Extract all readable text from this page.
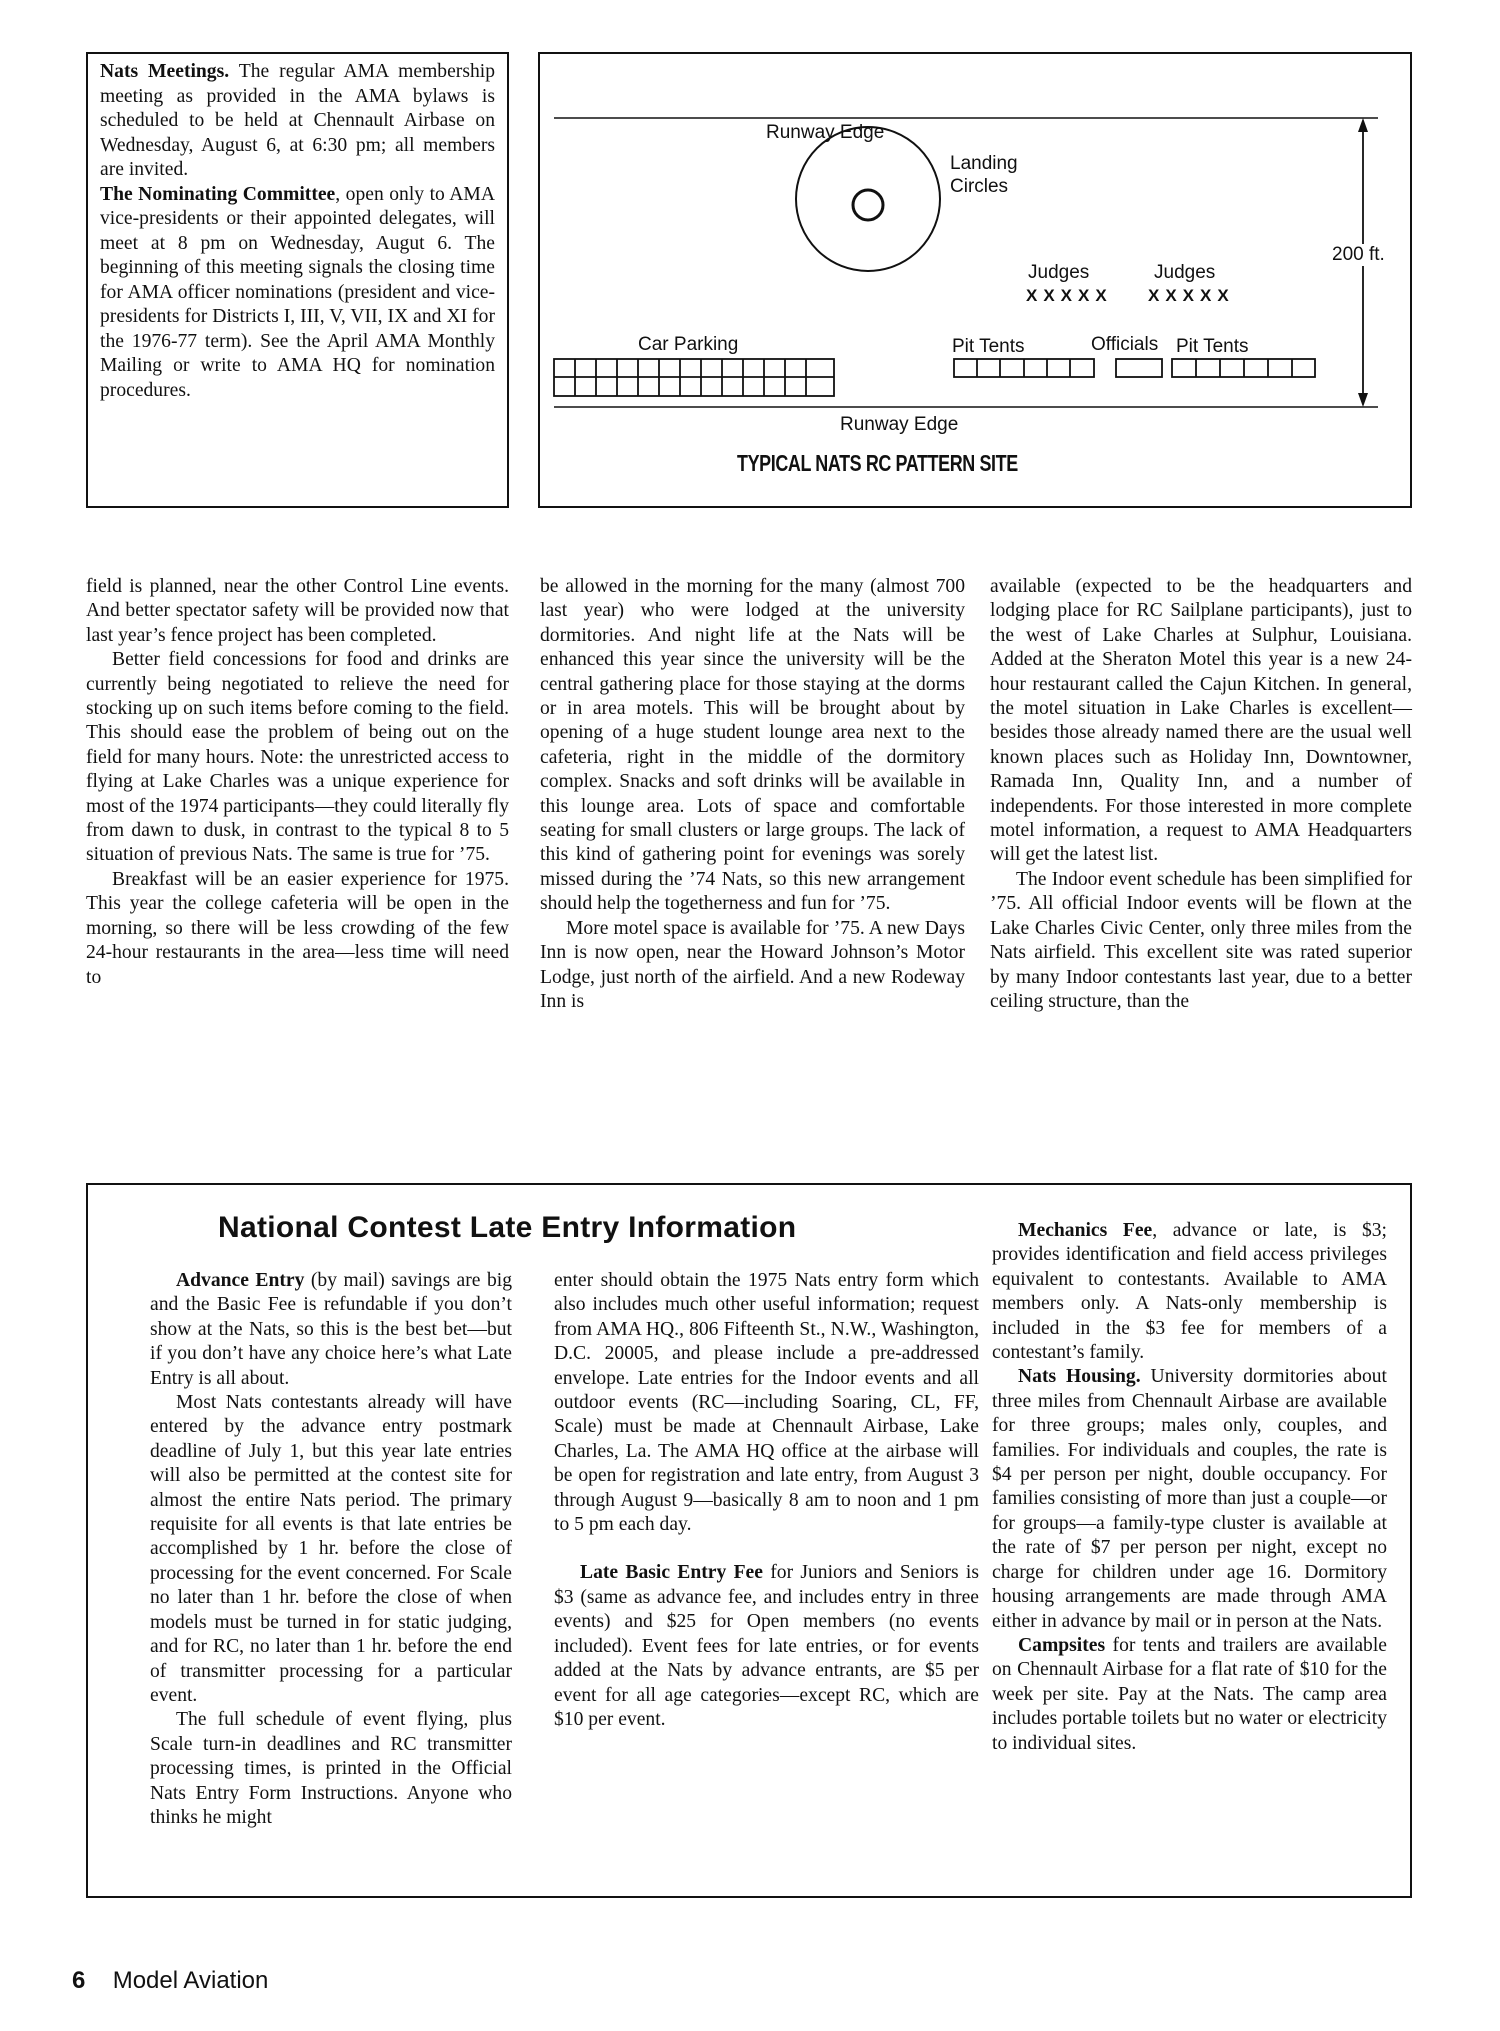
Nats Meetings. The regular AMA membership meeting as provided in the AMA bylaws is scheduled to be held at Chennault Airbase on Wednesday, August 6, at 6:30 pm; all members are invited.

The Nominating Committee, open only to AMA vice-presidents or their appointed delegates, will meet at 8 pm on Wednesday, Augut 6. The beginning of this meeting signals the closing time for AMA officer nominations (president and vice-presidents for Districts I, III, V, VII, IX and XI for the 1976-77 term). See the April AMA Monthly Mailing or write to AMA HQ for nomination procedures.

Runway Edge
Landing
Circles
Judges	Judges
XXXXX XXXXX
200 ft.
Car Parking	Pit Tents	Officials Pit Tents
Runway Edge
TYPICAL NATS RC PATTERN SITE

field is planned, near the other Control Line events. And better spectator safety will be provided now that last year’s fence project has been completed.

Better field concessions for food and drinks are currently being negotiated to relieve the need for stocking up on such items before coming to the field. This should ease the problem of being out on the field for many hours. Note: the unrestricted access to flying at Lake Charles was a unique experience for most of the 1974 participants—they could literally fly from dawn to dusk, in contrast to the typical 8 to 5 situation of previous Nats. The same is true for ’75.

Breakfast will be an easier experience for 1975. This year the college cafeteria will be open in the morning, so there will be less crowding of the few 24-hour restaurants in the area—less time will need to

be allowed in the morning for the many (almost 700 last year) who were lodged at the university dormitories. And night life at the Nats will be enhanced this year since the university will be the central gathering place for those staying at the dorms or in area motels. This will be brought about by opening of a huge student lounge area next to the cafeteria, right in the middle of the dormitory complex. Snacks and soft drinks will be available in this lounge area. Lots of space and comfortable seating for small clusters or large groups. The lack of this kind of gathering point for evenings was sorely missed during the ’74 Nats, so this new arrangement should help the togetherness and fun for ’75.

More motel space is available for ’75. A new Days Inn is now open, near the Howard Johnson’s Motor Lodge, just north of the airfield. And a new Rodeway Inn is

available (expected to be the headquarters and lodging place for RC Sailplane participants), just to the west of Lake Charles at Sulphur, Louisiana. Added at the Sheraton Motel this year is a new 24-hour restaurant called the Cajun Kitchen. In general, the motel situation in Lake Charles is excellent—besides those already named there are the usual well known places such as Holiday Inn, Downtowner, Ramada Inn, Quality Inn, and a number of independents. For those interested in more complete motel information, a request to AMA Headquarters will get the latest list.

The Indoor event schedule has been simplified for ’75. All official Indoor events will be flown at the Lake Charles Civic Center, only three miles from the Nats airfield. This excellent site was rated superior by many Indoor contestants last year, due to a better ceiling structure, than the

National Contest Late Entry Information

Advance Entry (by mail) savings are big and the Basic Fee is refundable if you don’t show at the Nats, so this is the best bet—but if you don’t have any choice here’s what Late Entry is all about.

Most Nats contestants already will have entered by the advance entry postmark deadline of July 1, but this year late entries will also be permitted at the contest site for almost the entire Nats period. The primary requisite for all events is that late entries be accomplished by 1 hr. before the close of processing for the event concerned. For Scale no later than 1 hr. before the close of when models must be turned in for static judging, and for RC, no later than 1 hr. before the end of transmitter processing for a particular event.

The full schedule of event flying, plus Scale turn-in deadlines and RC transmitter processing times, is printed in the Official Nats Entry Form Instructions. Anyone who thinks he might

enter should obtain the 1975 Nats entry form which also includes much other useful information; request from AMA HQ., 806 Fifteenth St., N.W., Washington, D.C. 20005, and please include a pre-addressed envelope. Late entries for the Indoor events and all outdoor events (RC—including Soaring, CL, FF, Scale) must be made at Chennault Airbase, Lake Charles, La. The AMA HQ office at the airbase will be open for registration and late entry, from August 3 through August 9—basically 8 am to noon and 1 pm to 5 pm each day.

Late Basic Entry Fee for Juniors and Seniors is $3 (same as advance fee, and includes entry in three events) and $25 for Open members (no events included). Event fees for late entries, or for events added at the Nats by advance entrants, are $5 per event for all age categories—except RC, which are $10 per event.

Mechanics Fee, advance or late, is $3; provides identification and field access privileges equivalent to contestants. Available to AMA members only. A Nats-only membership is included in the $3 fee for members of a contestant’s family.

Nats Housing. University dormitories about three miles from Chennault Airbase are available for three groups; males only, couples, and families. For individuals and couples, the rate is $4 per person per night, double occupancy. For families consisting of more than just a couple—or for groups—a family-type cluster is available at the rate of $7 per person per night, except no charge for children under age 16. Dormitory housing arrangements are made through AMA either in advance by mail or in person at the Nats.

Campsites for tents and trailers are available on Chennault Airbase for a flat rate of $10 for the week per site. Pay at the Nats. The camp area includes portable toilets but no water or electricity to individual sites.

6 Model Aviation
